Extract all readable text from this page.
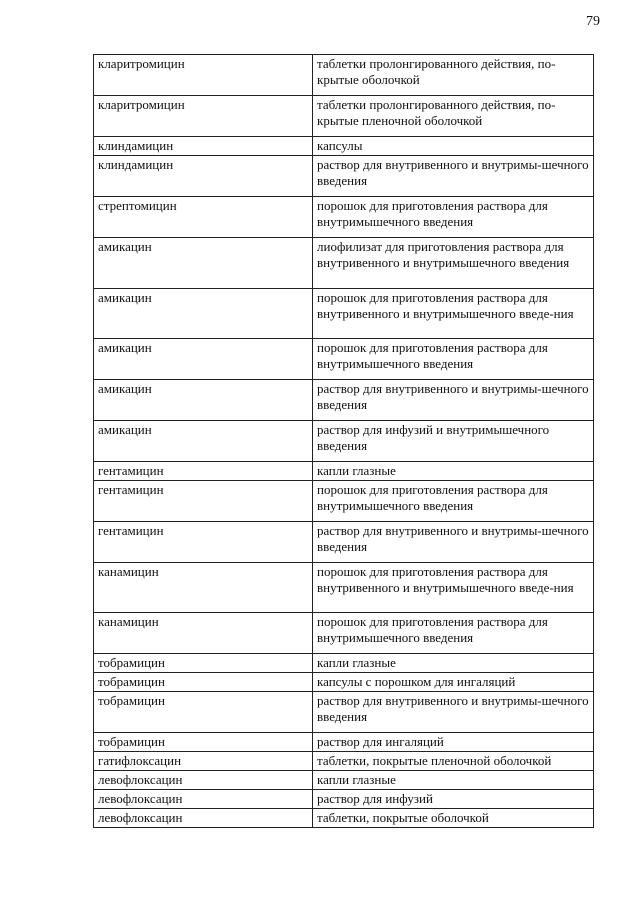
79
кларитромицин	таблетки пролонгированного действия, по-крытые оболочкой
кларитромицин	таблетки пролонгированного действия, по-крытые пленочной оболочкой
клиндамицин	капсулы
клиндамицин	раствор для внутривенного и внутримы-шечного введения
стрептомицин	порошок для приготовления раствора для внутримышечного введения
амикацин	лиофилизат для приготовления раствора для внутривенного и внутримышечного введения
амикацин	порошок для приготовления раствора для внутривенного и внутримышечного введе-ния
амикацин	порошок для приготовления раствора для внутримышечного введения
амикацин	раствор для внутривенного и внутримы-шечного введения
амикацин	раствор для инфузий и внутримышечного введения
гентамицин	капли глазные
гентамицин	порошок для приготовления раствора для внутримышечного введения
гентамицин	раствор для внутривенного и внутримы-шечного введения
канамицин	порошок для приготовления раствора для внутривенного и внутримышечного введе-ния
канамицин	порошок для приготовления раствора для внутримышечного введения
тобрамицин	капли глазные
тобрамицин	капсулы с порошком для ингаляций
тобрамицин	раствор для внутривенного и внутримы-шечного введения
тобрамицин	раствор для ингаляций
гатифлоксацин	таблетки, покрытые пленочной оболочкой
левофлоксацин	капли глазные
левофлоксацин	раствор для инфузий
левофлоксацин	таблетки, покрытые оболочкой
